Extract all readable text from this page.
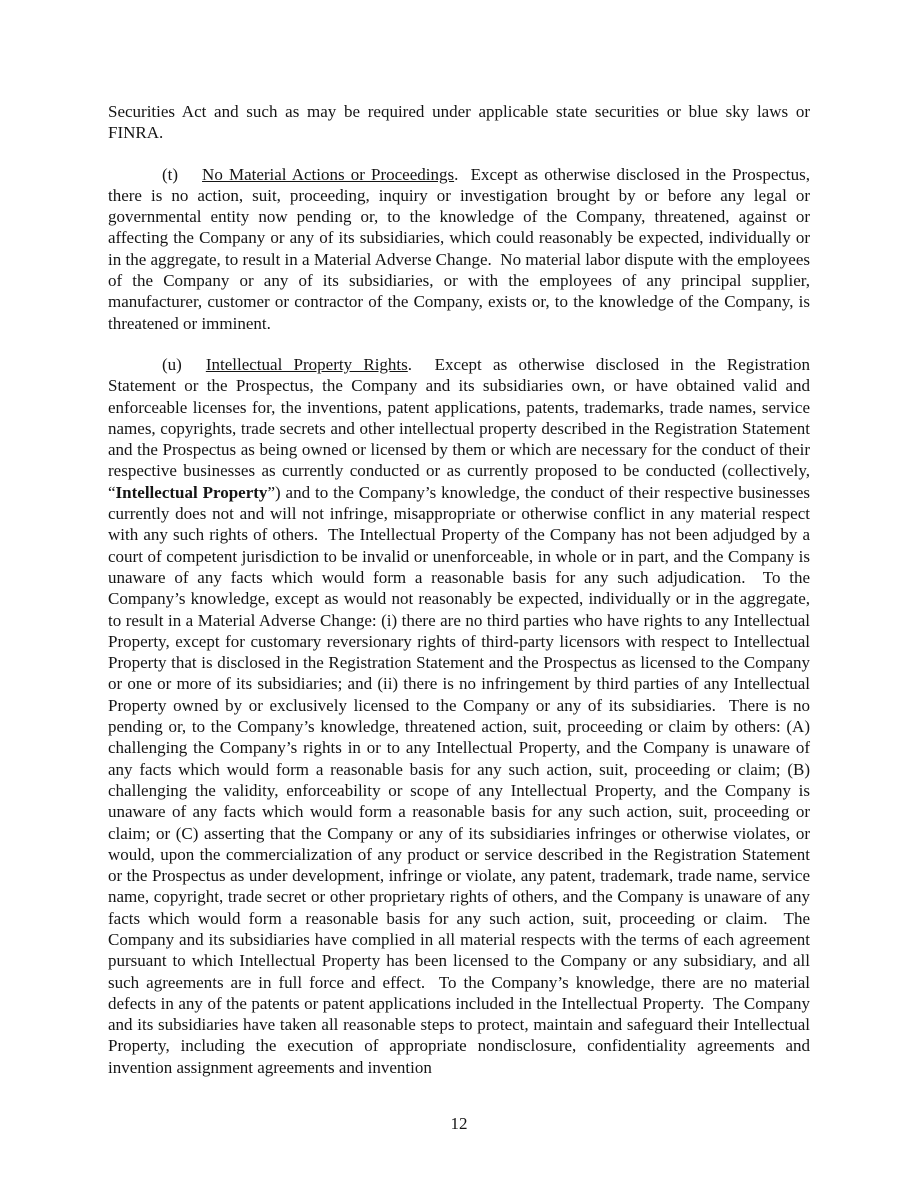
Securities Act and such as may be required under applicable state securities or blue sky laws or FINRA.

(t) No Material Actions or Proceedings.  Except as otherwise disclosed in the Prospectus, there is no action, suit, proceeding, inquiry or investigation brought by or before any legal or governmental entity now pending or, to the knowledge of the Company, threatened, against or affecting the Company or any of its subsidiaries, which could reasonably be expected, individually or in the aggregate, to result in a Material Adverse Change.  No material labor dispute with the employees of the Company or any of its subsidiaries, or with the employees of any principal supplier, manufacturer, customer or contractor of the Company, exists or, to the knowledge of the Company, is threatened or imminent.

(u) Intellectual Property Rights.  Except as otherwise disclosed in the Registration Statement or the Prospectus, the Company and its subsidiaries own, or have obtained valid and enforceable licenses for, the inventions, patent applications, patents, trademarks, trade names, service names, copyrights, trade secrets and other intellectual property described in the Registration Statement and the Prospectus as being owned or licensed by them or which are necessary for the conduct of their respective businesses as currently conducted or as currently proposed to be conducted (collectively, “Intellectual Property”) and to the Company’s knowledge, the conduct of their respective businesses currently does not and will not infringe, misappropriate or otherwise conflict in any material respect with any such rights of others.  The Intellectual Property of the Company has not been adjudged by a court of competent jurisdiction to be invalid or unenforceable, in whole or in part, and the Company is unaware of any facts which would form a reasonable basis for any such adjudication.  To the Company’s knowledge, except as would not reasonably be expected, individually or in the aggregate, to result in a Material Adverse Change: (i) there are no third parties who have rights to any Intellectual Property, except for customary reversionary rights of third-party licensors with respect to Intellectual Property that is disclosed in the Registration Statement and the Prospectus as licensed to the Company or one or more of its subsidiaries; and (ii) there is no infringement by third parties of any Intellectual Property owned by or exclusively licensed to the Company or any of its subsidiaries.  There is no pending or, to the Company’s knowledge, threatened action, suit, proceeding or claim by others: (A) challenging the Company’s rights in or to any Intellectual Property, and the Company is unaware of any facts which would form a reasonable basis for any such action, suit, proceeding or claim; (B) challenging the validity, enforceability or scope of any Intellectual Property, and the Company is unaware of any facts which would form a reasonable basis for any such action, suit, proceeding or claim; or (C) asserting that the Company or any of its subsidiaries infringes or otherwise violates, or would, upon the commercialization of any product or service described in the Registration Statement or the Prospectus as under development, infringe or violate, any patent, trademark, trade name, service name, copyright, trade secret or other proprietary rights of others, and the Company is unaware of any facts which would form a reasonable basis for any such action, suit, proceeding or claim.  The Company and its subsidiaries have complied in all material respects with the terms of each agreement pursuant to which Intellectual Property has been licensed to the Company or any subsidiary, and all such agreements are in full force and effect.  To the Company’s knowledge, there are no material defects in any of the patents or patent applications included in the Intellectual Property.  The Company and its subsidiaries have taken all reasonable steps to protect, maintain and safeguard their Intellectual Property, including the execution of appropriate nondisclosure, confidentiality agreements and invention assignment agreements and invention

12
